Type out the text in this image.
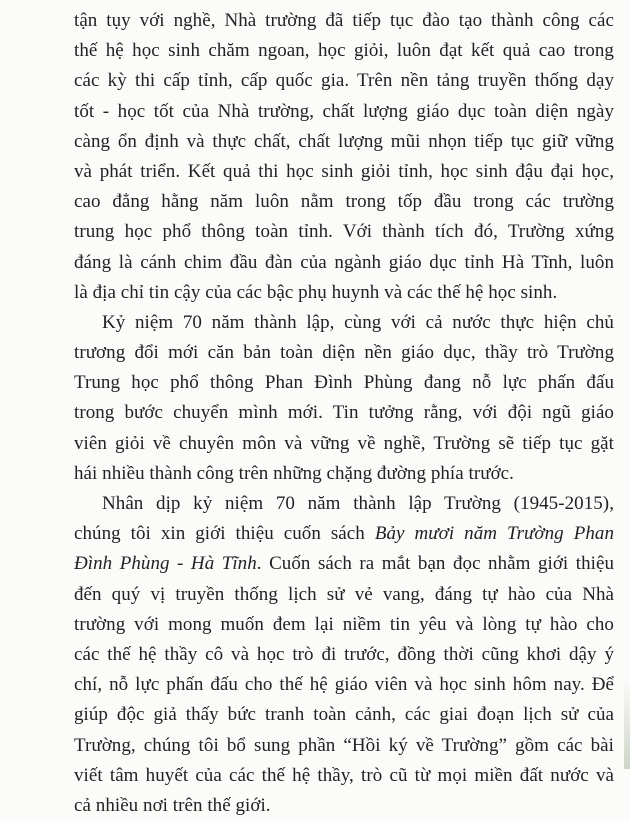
tận tụy với nghề, Nhà trường đã tiếp tục đào tạo thành công các
thế hệ học sinh chăm ngoan, học giỏi, luôn đạt kết quả cao trong
các kỳ thi cấp tỉnh, cấp quốc gia. Trên nền tảng truyền thống dạy
tốt - học tốt của Nhà trường, chất lượng giáo dục toàn diện ngày
càng ổn định và thực chất, chất lượng mũi nhọn tiếp tục giữ vững
và phát triển. Kết quả thi học sinh giỏi tỉnh, học sinh đậu đại học,
cao đẳng hằng năm luôn nằm trong tốp đầu trong các trường
trung học phổ thông toàn tỉnh. Với thành tích đó, Trường xứng
đáng là cánh chim đầu đàn của ngành giáo dục tỉnh Hà Tĩnh, luôn
là địa chỉ tin cậy của các bậc phụ huynh và các thế hệ học sinh.
Kỷ niệm 70 năm thành lập, cùng với cả nước thực hiện chủ
trương đổi mới căn bản toàn diện nền giáo dục, thầy trò Trường
Trung học phổ thông Phan Đình Phùng đang nỗ lực phấn đấu
trong bước chuyển mình mới. Tin tưởng rằng, với đội ngũ giáo
viên giỏi về chuyên môn và vững về nghề, Trường sẽ tiếp tục gặt
hái nhiều thành công trên những chặng đường phía trước.
Nhân dịp kỷ niệm 70 năm thành lập Trường (1945-2015),
chúng tôi xin giới thiệu cuốn sách Bảy mươi năm Trường Phan
Đình Phùng - Hà Tĩnh. Cuốn sách ra mắt bạn đọc nhằm giới thiệu
đến quý vị truyền thống lịch sử vẻ vang, đáng tự hào của Nhà
trường với mong muốn đem lại niềm tin yêu và lòng tự hào cho
các thế hệ thầy cô và học trò đi trước, đồng thời cũng khơi dậy ý
chí, nỗ lực phấn đấu cho thế hệ giáo viên và học sinh hôm nay. Để
giúp độc giả thấy bức tranh toàn cảnh, các giai đoạn lịch sử của
Trường, chúng tôi bổ sung phần “Hồi ký về Trường” gồm các bài
viết tâm huyết của các thế hệ thầy, trò cũ từ mọi miền đất nước và
cả nhiều nơi trên thế giới.
